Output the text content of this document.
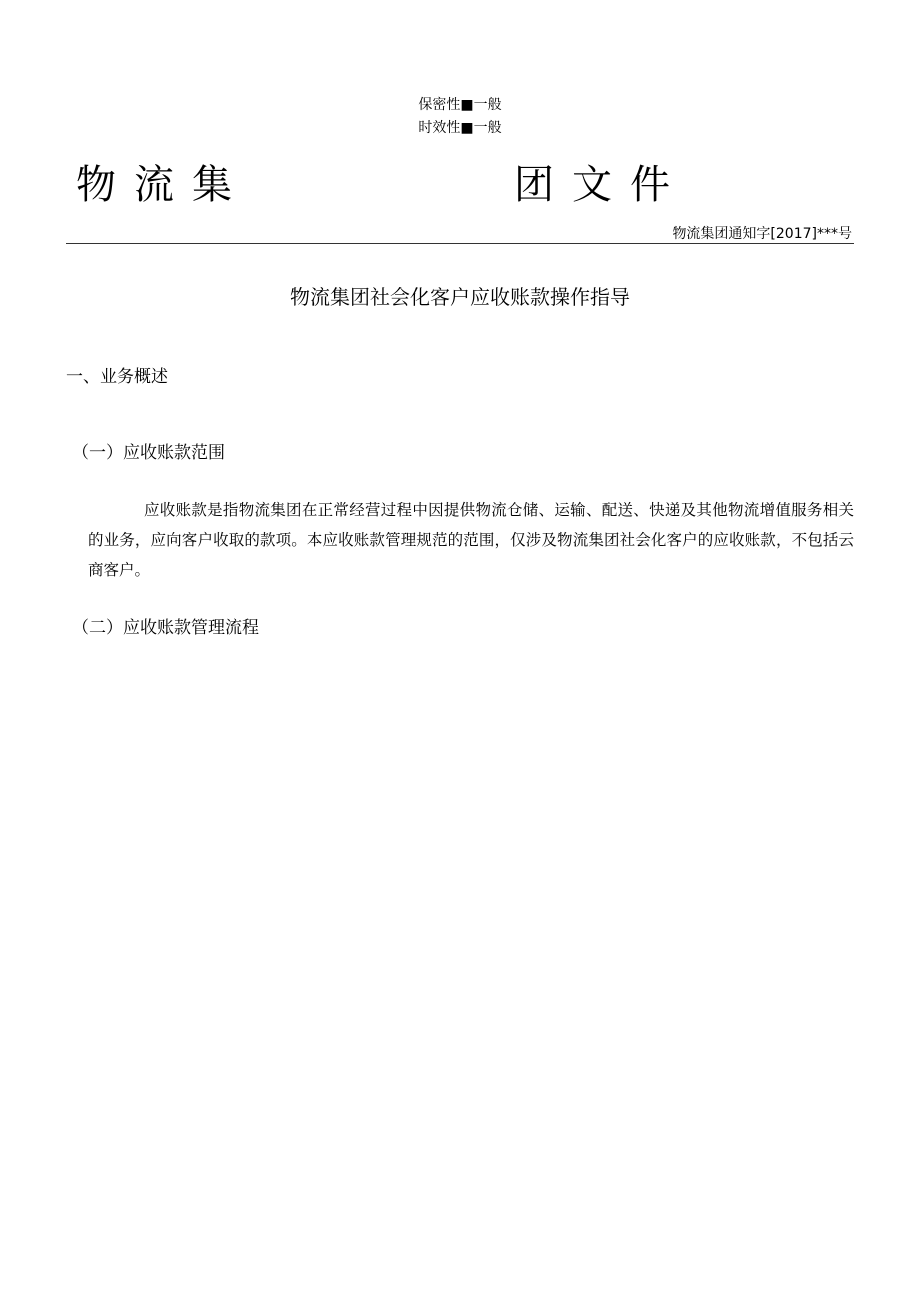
保密性■一般
时效性■一般
物流集	团文件
物流集团通知字[2017]***号
物流集团社会化客户应收账款操作指导
一、业务概述
（一）应收账款范围
应收账款是指物流集团在正常经营过程中因提供物流仓储、运输、配送、快递及其他物流增值服务相关的业务，应向客户收取的款项。本应收账款管理规范的范围，仅涉及物流集团社会化客户的应收账款，不包括云商客户。
（二）应收账款管理流程
